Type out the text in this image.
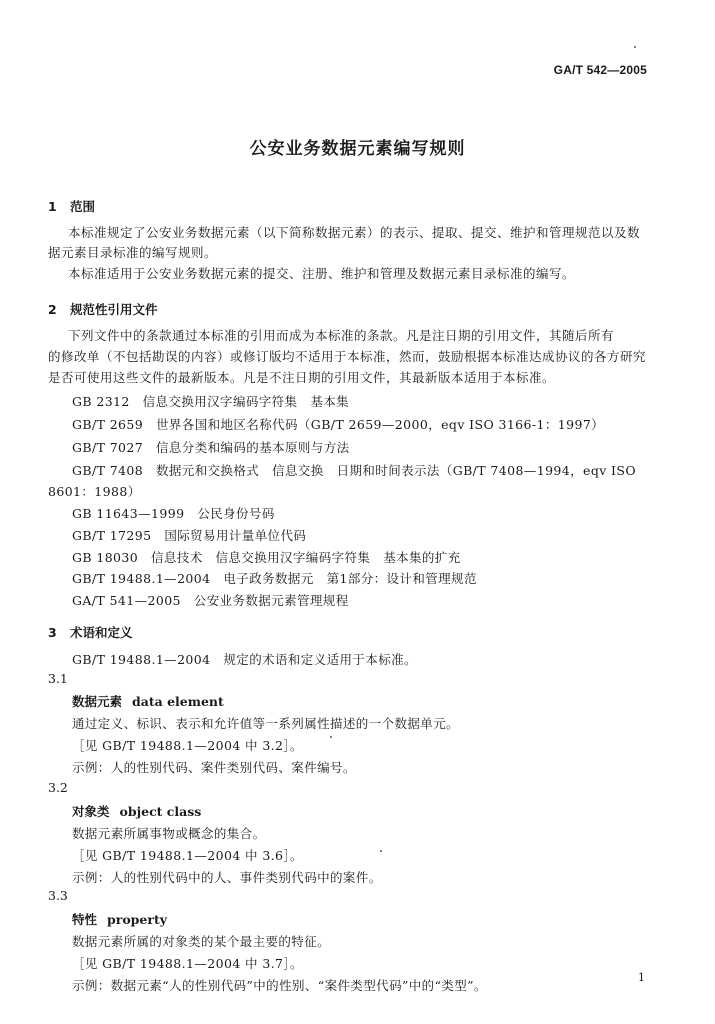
GA/T 542—2005
公安业务数据元素编写规则
1 范围
本标准规定了公安业务数据元素（以下简称数据元素）的表示、提取、提交、维护和管理规范以及数
据元素目录标准的编写规则。
本标准适用于公安业务数据元素的提交、注册、维护和管理及数据元素目录标准的编写。
2 规范性引用文件
下列文件中的条款通过本标准的引用而成为本标准的条款。凡是注日期的引用文件，其随后所有
的修改单（不包括勘误的内容）或修订版均不适用于本标准，然而，鼓励根据本标准达成协议的各方研究
是否可使用这些文件的最新版本。凡是不注日期的引用文件，其最新版本适用于本标准。
GB 2312　信息交换用汉字编码字符集　基本集
GB/T 2659　世界各国和地区名称代码（GB/T 2659—2000，eqv ISO 3166-1：1997）
GB/T 7027　信息分类和编码的基本原则与方法
GB/T 7408　数据元和交换格式　信息交换　日期和时间表示法（GB/T 7408—1994，eqv ISO
8601：1988）
GB 11643—1999　公民身份号码
GB/T 17295　国际贸易用计量单位代码
GB 18030　信息技术　信息交换用汉字编码字符集　基本集的扩充
GB/T 19488.1—2004　电子政务数据元　第1部分：设计和管理规范
GA/T 541—2005　公安业务数据元素管理规程
3 术语和定义
GB/T 19488.1—2004　规定的术语和定义适用于本标准。
3.1
数据元素 data element
通过定义、标识、表示和允许值等一系列属性描述的一个数据单元。
［见 GB/T 19488.1—2004 中 3.2］。
示例：人的性别代码、案件类别代码、案件编号。
3.2
对象类 object class
数据元素所属事物或概念的集合。
［见 GB/T 19488.1—2004 中 3.6］。
示例：人的性别代码中的人、事件类别代码中的案件。
3.3
特性 property
数据元素所属的对象类的某个最主要的特征。
［见 GB/T 19488.1—2004 中 3.7］。
示例：数据元素“人的性别代码”中的性别、“案件类型代码”中的“类型”。
1
